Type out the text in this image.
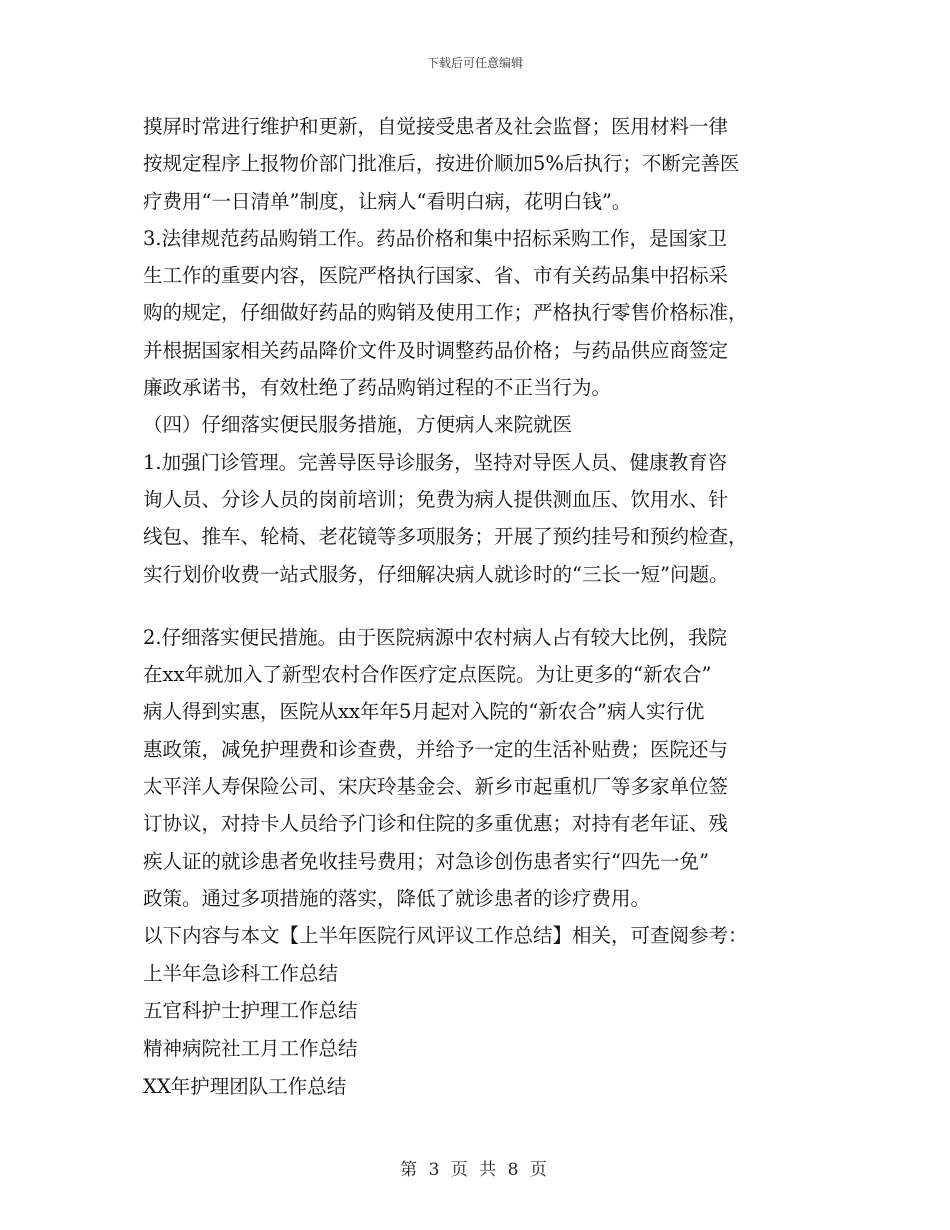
下载后可任意编辑
摸屏时常进行维护和更新，自觉接受患者及社会监督；医用材料一律
按规定程序上报物价部门批准后，按进价顺加5%后执行；不断完善医
疗费用“一日清单”制度，让病人“看明白病，花明白钱”。
3.法律规范药品购销工作。药品价格和集中招标采购工作，是国家卫
生工作的重要内容，医院严格执行国家、省、市有关药品集中招标采
购的规定，仔细做好药品的购销及使用工作；严格执行零售价格标准，
并根据国家相关药品降价文件及时调整药品价格；与药品供应商签定
廉政承诺书，有效杜绝了药品购销过程的不正当行为。
（四）仔细落实便民服务措施，方便病人来院就医
1.加强门诊管理。完善导医导诊服务，坚持对导医人员、健康教育咨
询人员、分诊人员的岗前培训；免费为病人提供测血压、饮用水、针
线包、推车、轮椅、老花镜等多项服务；开展了预约挂号和预约检查，
实行划价收费一站式服务，仔细解决病人就诊时的“三长一短”问题。
2.仔细落实便民措施。由于医院病源中农村病人占有较大比例，我院
在xx年就加入了新型农村合作医疗定点医院。为让更多的“新农合”
病人得到实惠，医院从xx年年5月起对入院的“新农合”病人实行优
惠政策，减免护理费和诊查费，并给予一定的生活补贴费；医院还与
太平洋人寿保险公司、宋庆玲基金会、新乡市起重机厂等多家单位签
订协议，对持卡人员给予门诊和住院的多重优惠；对持有老年证、残
疾人证的就诊患者免收挂号费用；对急诊创伤患者实行“四先一免”
政策。通过多项措施的落实，降低了就诊患者的诊疗费用。
以下内容与本文【上半年医院行风评议工作总结】相关，可查阅参考：
上半年急诊科工作总结
五官科护士护理工作总结
精神病院社工月工作总结
XX年护理团队工作总结
第 3 页 共 8 页
